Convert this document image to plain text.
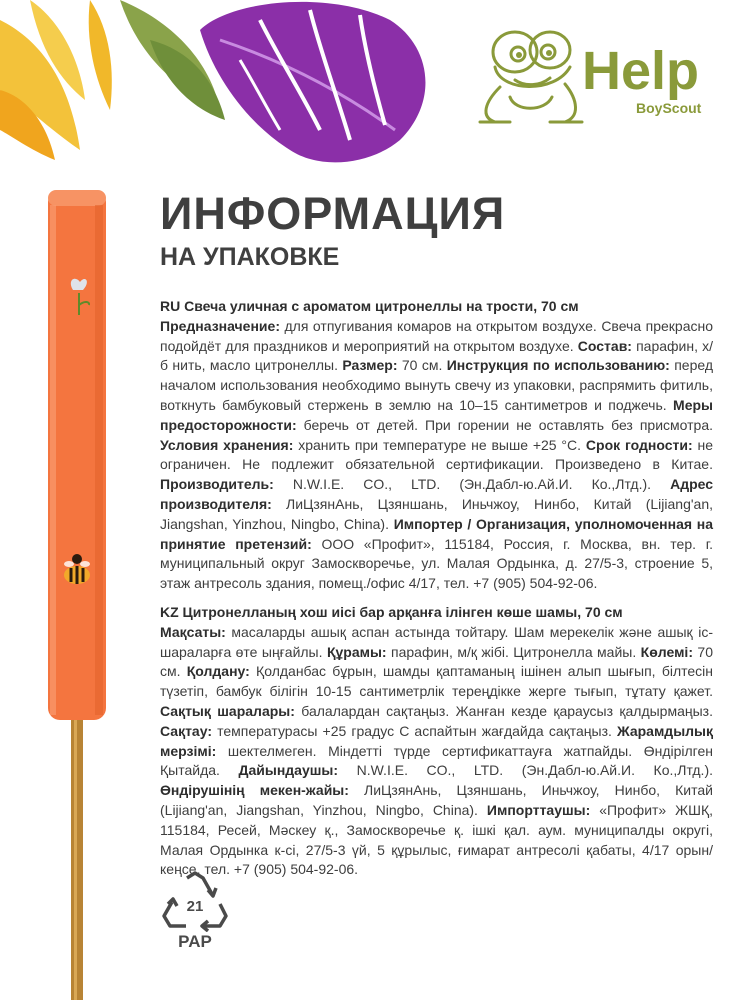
Help
BoyScout
ИНФОРМАЦИЯ
НА УПАКОВКЕ
RU Свеча уличная с ароматом цитронеллы на трости, 70 см
Предназначение: для отпугивания комаров на открытом воздухе. Свеча прекрасно подойдёт для праздников и мероприятий на открытом воздухе. Состав: парафин, х/б нить, масло цитронеллы. Размер: 70 см. Инструкция по использованию: перед началом использования необходимо вынуть свечу из упаковки, распрямить фитиль, воткнуть бамбуковый стержень в землю на 10–15 сантиметров и поджечь. Меры предосторожности: беречь от детей. При горении не оставлять без присмотра. Условия хранения: хранить при температуре не выше +25 °С. Срок годности: не ограничен. Не подлежит обязательной сертификации. Произведено в Китае. Производитель: N.W.I.E. CO., LTD. (Эн.Дабл-ю.Ай.И. Ко.,Лтд.). Адрес производителя: ЛиЦзянАнь, Цзяншань, Иньчжоу, Нинбо, Китай (Lijiang'an, Jiangshan, Yinzhou, Ningbo, China). Импортер / Организация, уполномоченная на принятие претензий: ООО «Профит», 115184, Россия, г. Москва, вн. тер. г. муниципальный округ Замоскворечье, ул. Малая Ордынка, д. 27/5-3, строение 5, этаж антресоль здания, помещ./офис 4/17, тел. +7 (905) 504-92-06.
KZ Цитронелланың хош иісі бар арқанға ілінген көше шамы, 70 см
Мақсаты: масаларды ашық аспан астында тойтару. Шам мерекелік және ашық іс-шараларға өте ыңғайлы. Құрамы: парафин, м/қ жібі. Цитронелла майы. Көлемі: 70 см. Қолдану: Қолданбас бұрын, шамды қаптаманың ішінен алып шығып, білтесін түзетіп, бамбук білігін 10-15 сантиметрлік тереңдікке жерге тығып, тұтату қажет. Сақтық шаралары: балалардан сақтаңыз. Жанған кезде қараусыз қалдырмаңыз. Сақтау: температурасы +25 градус С аспайтын жағдайда сақтаңыз. Жарамдылық мерзімі: шектелмеген. Міндетті түрде сертификаттауға жатпайды. Өндірілген Қытайда. Дайындаушы: N.W.I.E. CO., LTD. (Эн.Дабл-ю.Ай.И. Ко.,Лтд.). Өндірушінің мекен-жайы: ЛиЦзянАнь, Цзяншань, Иньчжоу, Нинбо, Китай (Lijiang'an, Jiangshan, Yinzhou, Ningbo, China). Импорттаушы: «Профит» ЖШҚ, 115184, Ресей, Мәскеу қ., Замоскворечье қ. ішкі қал. аум. муниципалды округі, Малая Ордынка к-сі, 27/5-3 үй, 5 құрылыс, ғимарат антресолі қабаты, 4/17 орын/кеңсе, тел. +7 (905) 504-92-06.
21
PAP
